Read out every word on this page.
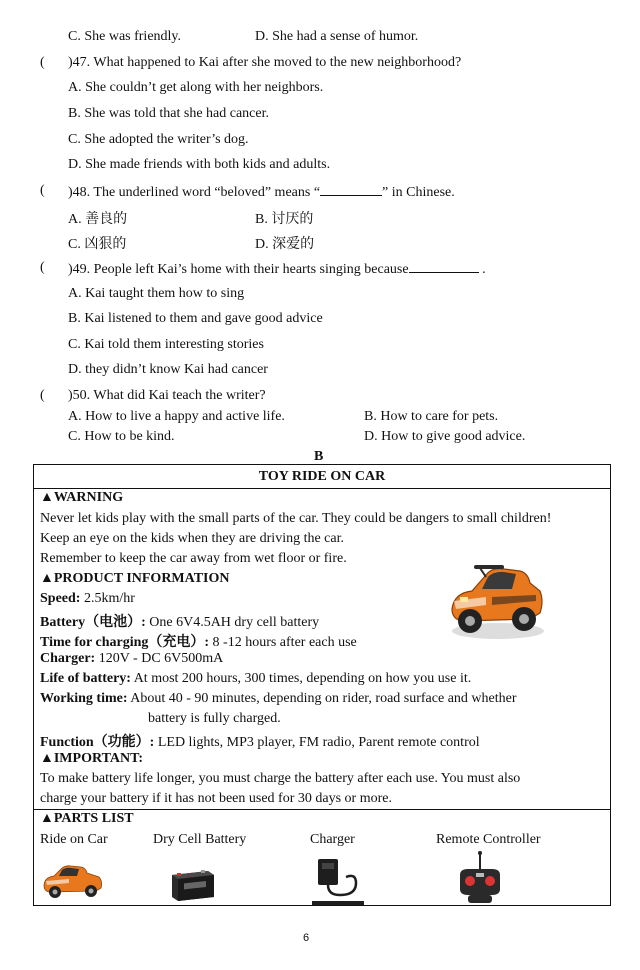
C. She was friendly.	D. She had a sense of humor.
( )47. What happened to Kai after she moved to the new neighborhood?
A. She couldn’t get along with her neighbors.
B. She was told that she had cancer.
C. She adopted the writer’s dog.
D. She made friends with both kids and adults.
( )48. The underlined word “beloved” means “	” in Chinese.
A. 善良的	B. 讨厌的
C. 凶狠的	D. 深爱的
( )49. People left Kai’s home with their hearts singing because	.
A. Kai taught them how to sing
B. Kai listened to them and gave good advice
C. Kai told them interesting stories
D. they didn’t know Kai had cancer
( )50. What did Kai teach the writer?
A. How to live a happy and active life.	B. How to care for pets.
C. How to be kind.	D. How to give good advice.
B
TOY RIDE ON CAR
▲WARNING
Never let kids play with the small parts of the car. They could be dangers to small children!
Keep an eye on the kids when they are driving the car.
Remember to keep the car away from wet floor or fire.
▲PRODUCT INFORMATION
Speed: 2.5km/hr
Battery（电池）: One 6V4.5AH dry cell battery
Time for charging（充电）: 8 -12 hours after each use
Charger: 120V - DC 6V500mA
Life of battery: At most 200 hours, 300 times, depending on how you use it.
Working time: About 40 - 90 minutes, depending on rider, road surface and whether
battery is fully charged.
Function（功能）: LED lights, MP3 player, FM radio, Parent remote control
▲IMPORTANT:
To make battery life longer, you must charge the battery after each use. You must also
charge your battery if it has not been used for 30 days or more.
▲PARTS LIST
Ride on Car	Dry Cell Battery	Charger	Remote Controller
6
